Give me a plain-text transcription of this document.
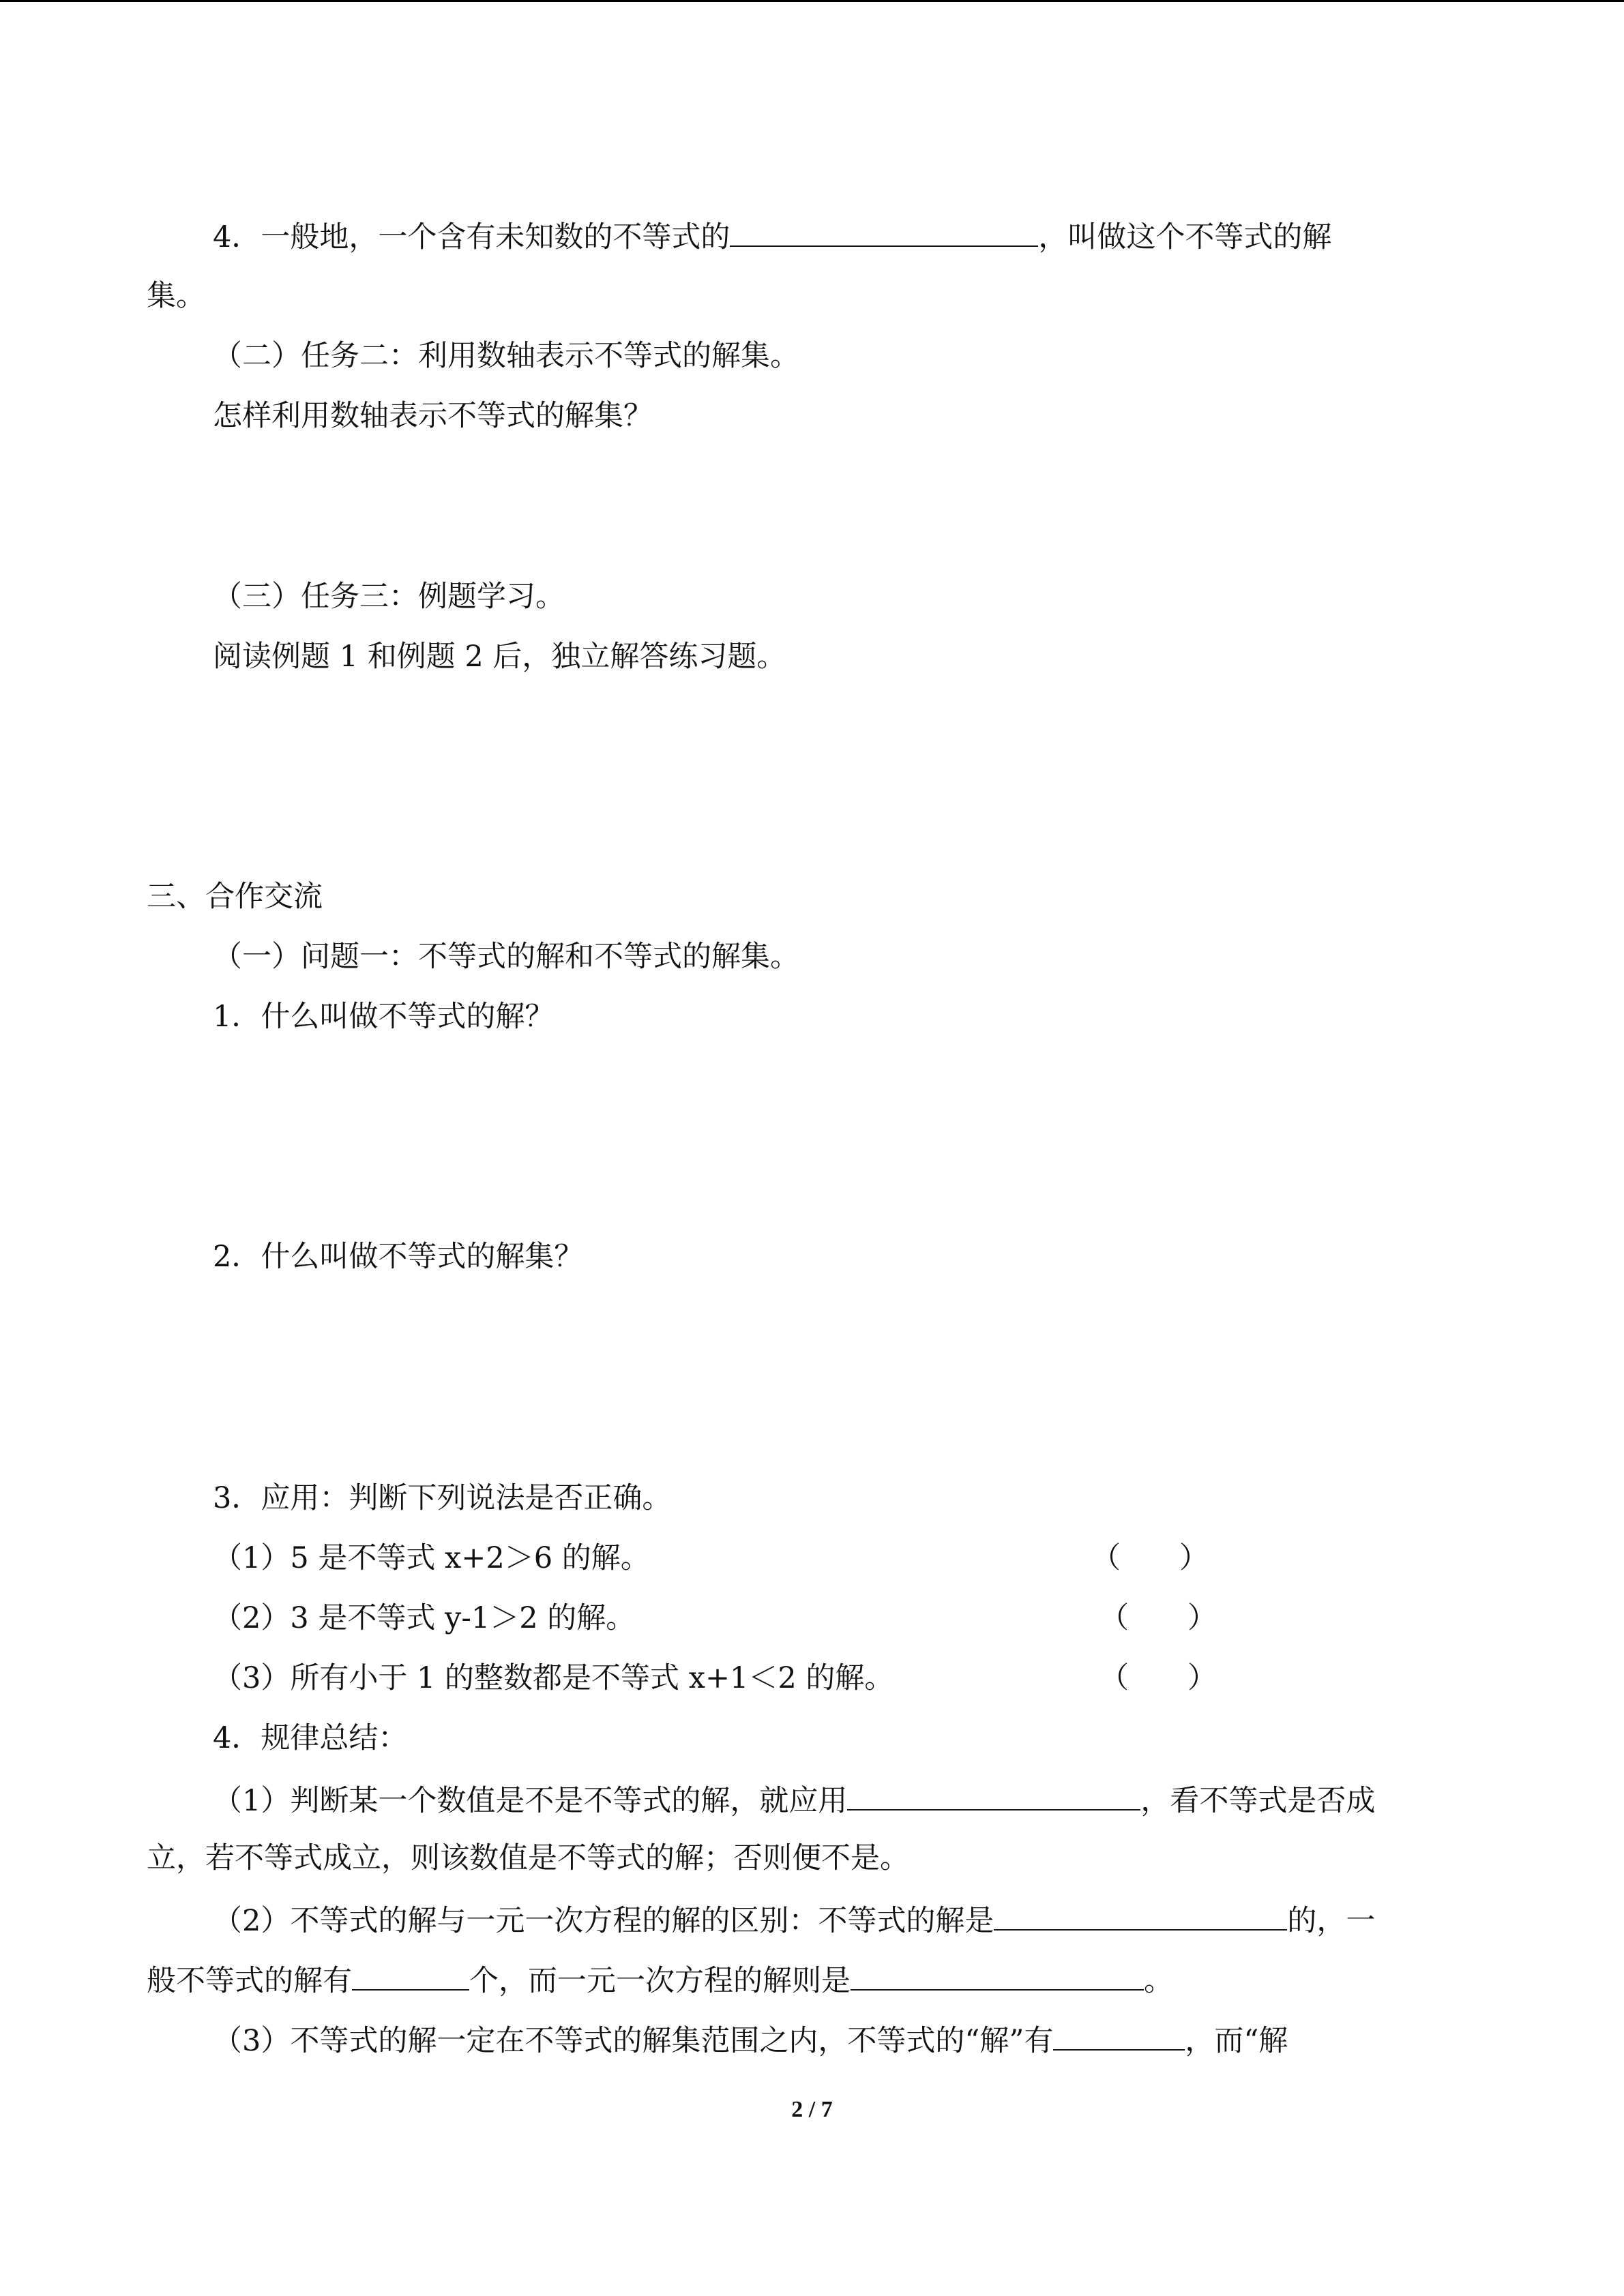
4．一般地，一个含有未知数的不等式的	，叫做这个不等式的解
集。
（二）任务二：利用数轴表示不等式的解集。
怎样利用数轴表示不等式的解集？
（三）任务三：例题学习。
阅读例题 1 和例题 2 后，独立解答练习题。
三、合作交流
（一）问题一：不等式的解和不等式的解集。
1．什么叫做不等式的解？
2．什么叫做不等式的解集？
3．应用：判断下列说法是否正确。
（1）5 是不等式 x+2＞6 的解。	（　　）
（2）3 是不等式 y-1＞2 的解。	（　　）
（3）所有小于 1 的整数都是不等式 x+1＜2 的解。	（　　）
4．规律总结：
（1）判断某一个数值是不是不等式的解，就应用	，看不等式是否成
立，若不等式成立，则该数值是不等式的解；否则便不是。
（2）不等式的解与一元一次方程的解的区别：不等式的解是	的，一
般不等式的解有	个，而一元一次方程的解则是	。
（3）不等式的解一定在不等式的解集范围之内，不等式的“解”有	，而“解
2 / 7
